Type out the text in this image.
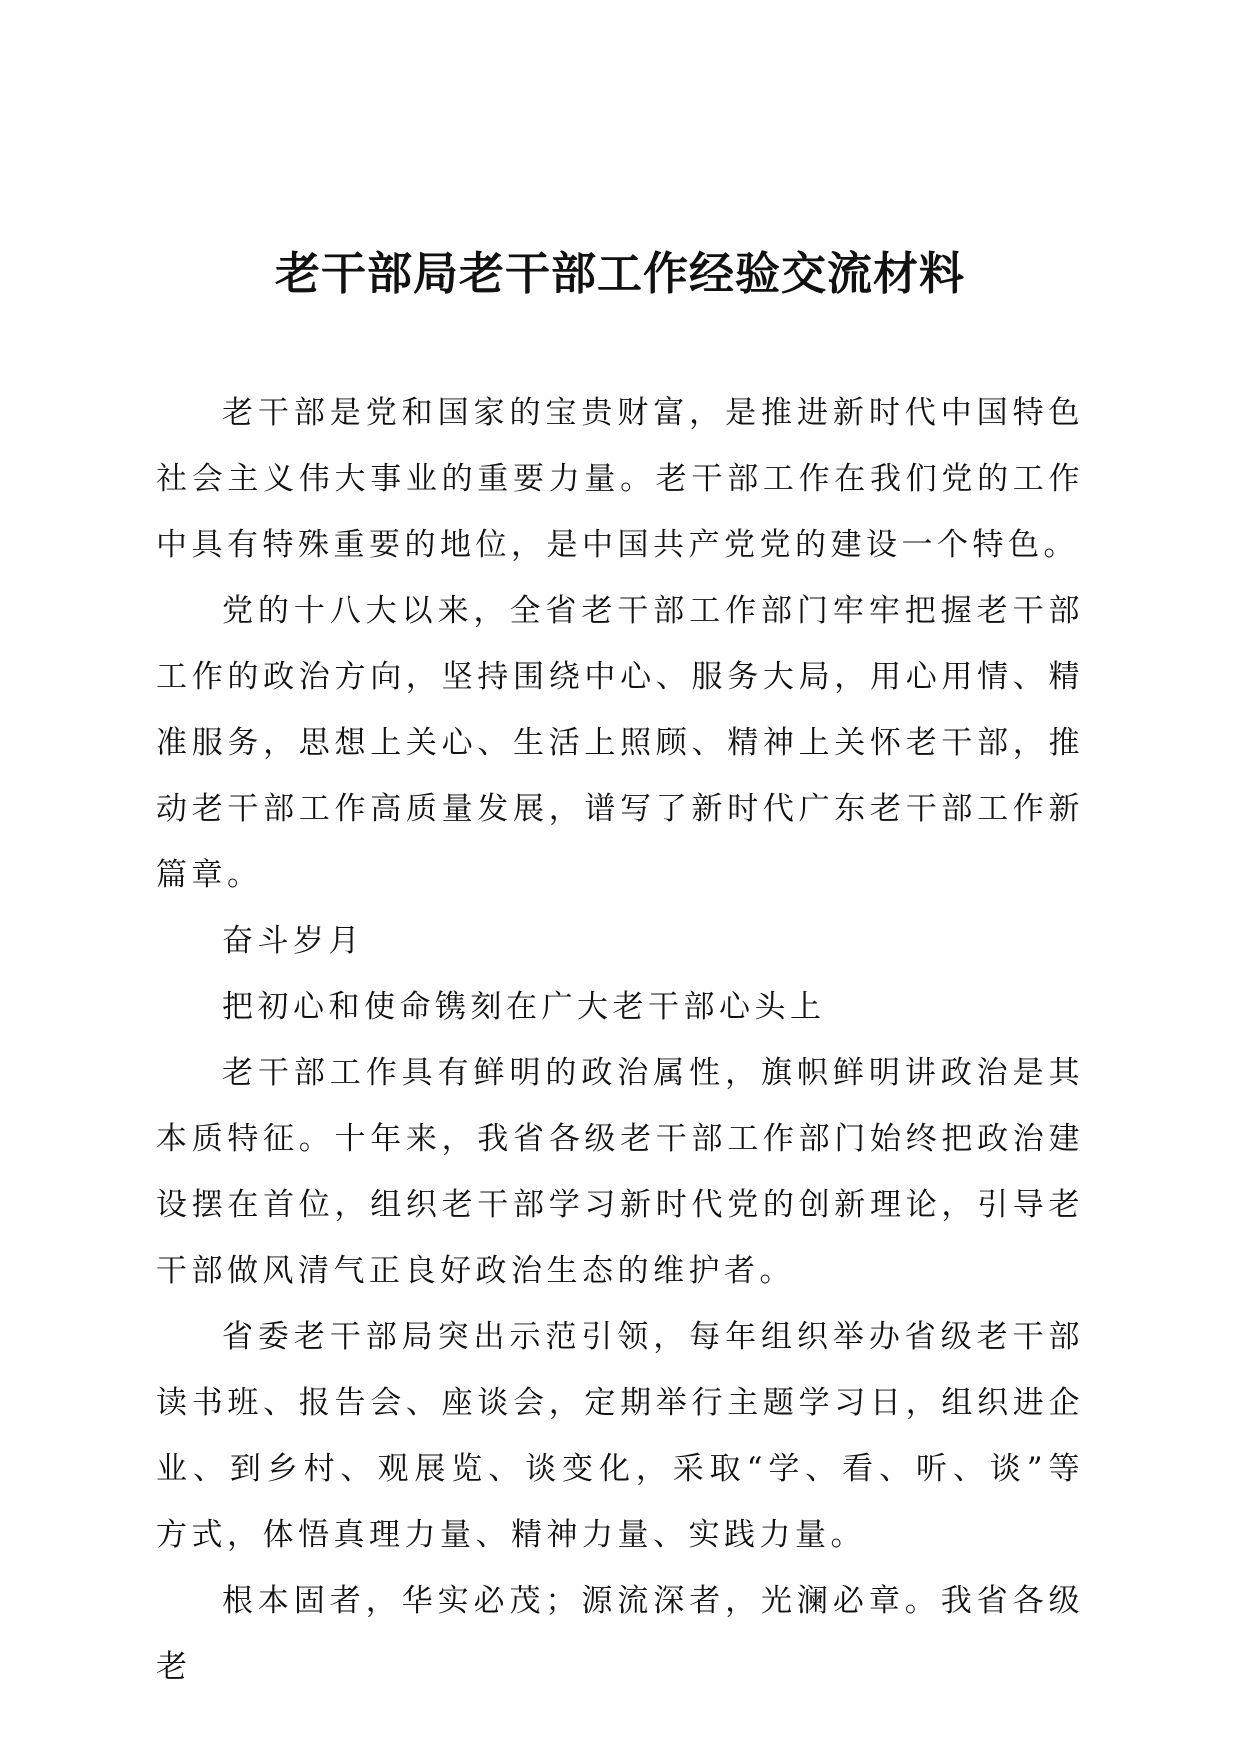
老干部局老干部工作经验交流材料

老干部是党和国家的宝贵财富，是推进新时代中国特色社会主义伟大事业的重要力量。老干部工作在我们党的工作中具有特殊重要的地位，是中国共产党党的建设一个特色。

党的十八大以来，全省老干部工作部门牢牢把握老干部工作的政治方向，坚持围绕中心、服务大局，用心用情、精准服务，思想上关心、生活上照顾、精神上关怀老干部，推动老干部工作高质量发展，谱写了新时代广东老干部工作新篇章。

奋斗岁月

把初心和使命镌刻在广大老干部心头上

老干部工作具有鲜明的政治属性，旗帜鲜明讲政治是其本质特征。十年来，我省各级老干部工作部门始终把政治建设摆在首位，组织老干部学习新时代党的创新理论，引导老干部做风清气正良好政治生态的维护者。

省委老干部局突出示范引领，每年组织举办省级老干部读书班、报告会、座谈会，定期举行主题学习日，组织进企业、到乡村、观展览、谈变化，采取“学、看、听、谈”等方式，体悟真理力量、精神力量、实践力量。

根本固者，华实必茂；源流深者，光澜必章。我省各级老
